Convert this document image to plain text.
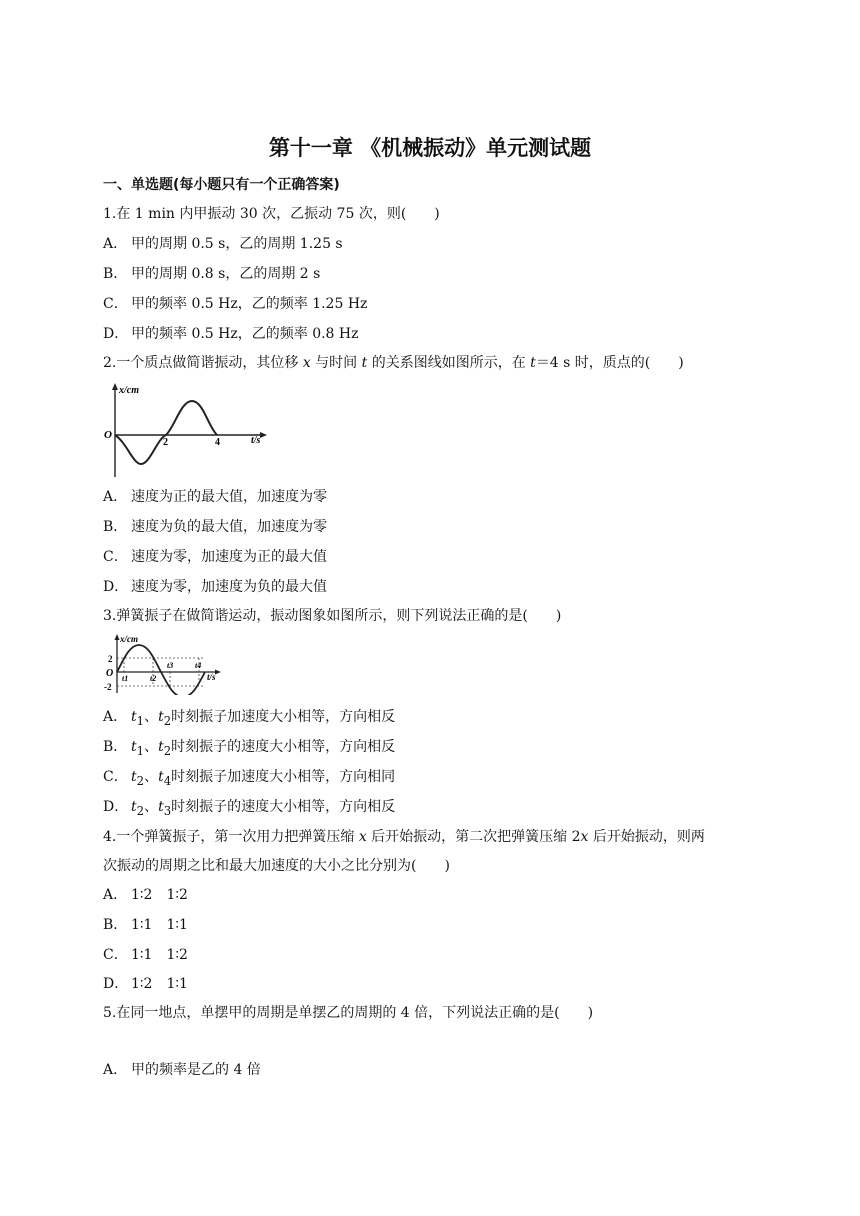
第十一章 《机械振动》单元测试题
一、单选题(每小题只有一个正确答案)
1.在 1 min 内甲振动 30 次，乙振动 75 次，则(　　)
A． 甲的周期 0.5 s，乙的周期 1.25 s
B． 甲的周期 0.8 s，乙的周期 2 s
C． 甲的频率 0.5 Hz，乙的频率 1.25 Hz
D． 甲的频率 0.5 Hz，乙的频率 0.8 Hz
2.一个质点做简谐振动，其位移 x 与时间 t 的关系图线如图所示，在 t＝4 s 时，质点的(　　)
x/cm
t/s
O
2	4
A． 速度为正的最大值，加速度为零
B． 速度为负的最大值，加速度为零
C． 速度为零，加速度为正的最大值
D． 速度为零，加速度为负的最大值
3.弹簧振子在做简谐运动，振动图象如图所示，则下列说法正确的是(　　)
x/cm
t/s
O
2
-2
t1	t2
t3	t4
A． $t_1$、$t_2$时刻振子加速度大小相等，方向相反
B． $t_1$、$t_2$时刻振子的速度大小相等，方向相反
C． $t_2$、$t_4$时刻振子加速度大小相等，方向相同
D． $t_2$、$t_3$时刻振子的速度大小相等，方向相反
4.一个弹簧振子，第一次用力把弹簧压缩 x 后开始振动，第二次把弹簧压缩 2x 后开始振动，则两
次振动的周期之比和最大加速度的大小之比分别为(　　)
A． 1∶2　1∶2
B． 1∶1　1∶1
C． 1∶1　1∶2
D． 1∶2　1∶1
5.在同一地点，单摆甲的周期是单摆乙的周期的 4 倍，下列说法正确的是(　　)
A． 甲的频率是乙的 4 倍
